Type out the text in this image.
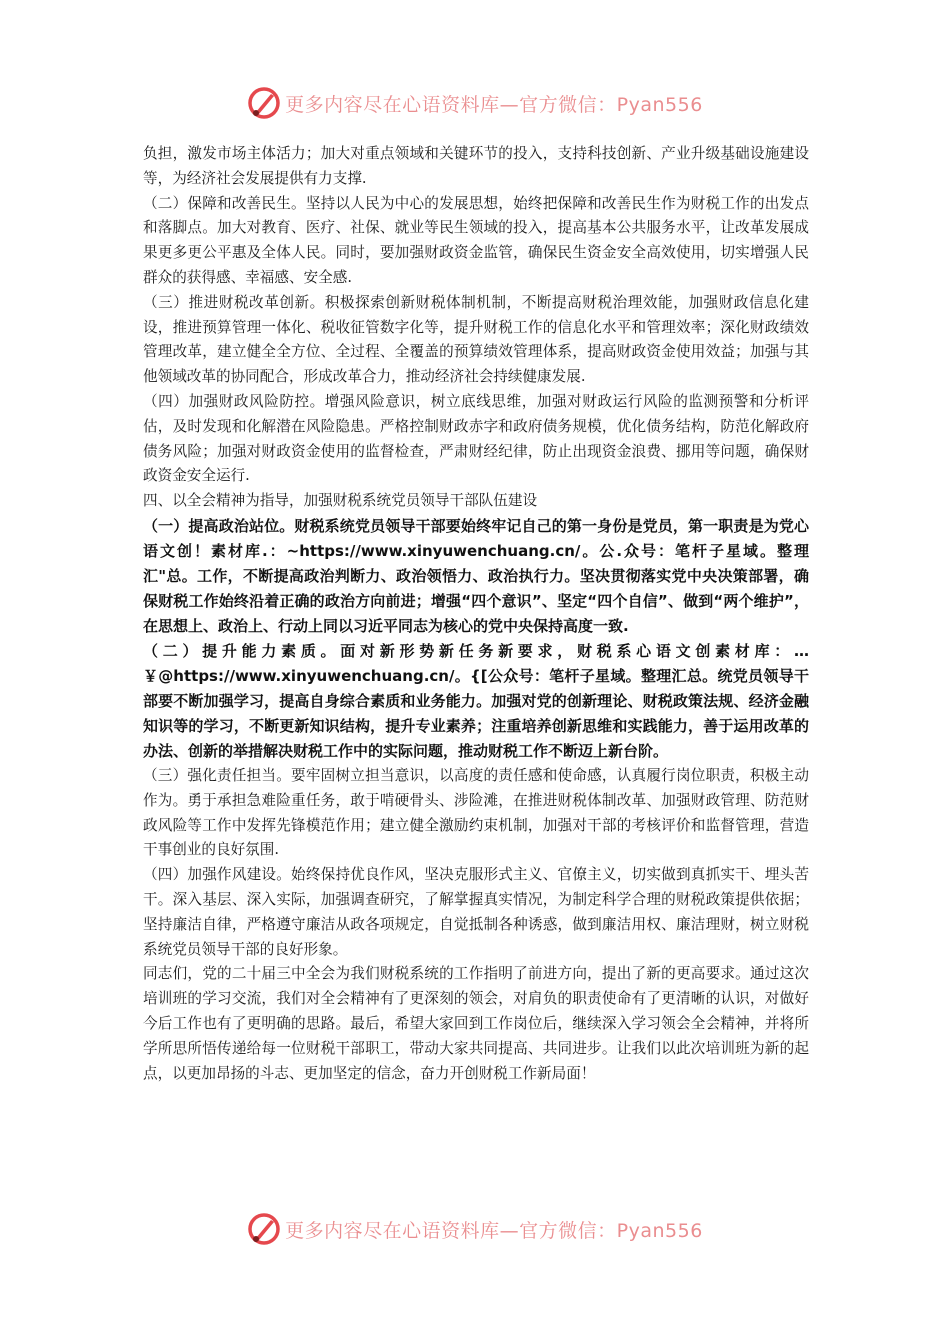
更多内容尽在心语资料库—官方微信：Pyan556

负担，激发市场主体活力；加大对重点领域和关键环节的投入，支持科技创新、产业升级基础设施建设等，为经济社会发展提供有力支撑.

（二）保障和改善民生。坚持以人民为中心的发展思想，始终把保障和改善民生作为财税工作的出发点和落脚点。加大对教育、医疗、社保、就业等民生领域的投入，提高基本公共服务水平，让改革发展成果更多更公平惠及全体人民。同时，要加强财政资金监管，确保民生资金安全高效使用，切实增强人民群众的获得感、幸福感、安全感.

（三）推进财税改革创新。积极探索创新财税体制机制，不断提高财税治理效能，加强财政信息化建设，推进预算管理一体化、税收征管数字化等，提升财税工作的信息化水平和管理效率；深化财政绩效管理改革，建立健全全方位、全过程、全覆盖的预算绩效管理体系，提高财政资金使用效益；加强与其他领域改革的协同配合，形成改革合力，推动经济社会持续健康发展.

（四）加强财政风险防控。增强风险意识，树立底线思维，加强对财政运行风险的监测预警和分析评估，及时发现和化解潜在风险隐患。严格控制财政赤字和政府债务规模，优化债务结构，防范化解政府债务风险；加强对财政资金使用的监督检查，严肃财经纪律，防止出现资金浪费、挪用等问题，确保财政资金安全运行.

四、以全会精神为指导，加强财税系统党员领导干部队伍建设

（一）提高政治站位。财税系统党员领导干部要始终牢记自己的第一身份是党员，第一职责是为党心语文创！素材库.：~https://www.xinyuwenchuang.cn/。公.众号：笔杆子星域。整理汇"总。工作，不断提高政治判断力、政治领悟力、政治执行力。坚决贯彻落实党中央决策部署，确保财税工作始终沿着正确的政治方向前进；增强“四个意识”、坚定“四个自信”、做到“两个维护”，在思想上、政治上、行动上同以习近平同志为核心的党中央保持高度一致.

（二）提升能力素质。面对新形势新任务新要求，财税系心语文创素材库：…￥@https://www.xinyuwenchuang.cn/。{[公众号：笔杆子星域。整理汇总。统党员领导干部要不断加强学习，提高自身综合素质和业务能力。加强对党的创新理论、财税政策法规、经济金融知识等的学习，不断更新知识结构，提升专业素养；注重培养创新思维和实践能力，善于运用改革的办法、创新的举措解决财税工作中的实际问题，推动财税工作不断迈上新台阶。

（三）强化责任担当。要牢固树立担当意识，以高度的责任感和使命感，认真履行岗位职责，积极主动作为。勇于承担急难险重任务，敢于啃硬骨头、涉险滩，在推进财税体制改革、加强财政管理、防范财政风险等工作中发挥先锋模范作用；建立健全激励约束机制，加强对干部的考核评价和监督管理，营造干事创业的良好氛围.

（四）加强作风建设。始终保持优良作风，坚决克服形式主义、官僚主义，切实做到真抓实干、埋头苦干。深入基层、深入实际，加强调查研究，了解掌握真实情况，为制定科学合理的财税政策提供依据；坚持廉洁自律，严格遵守廉洁从政各项规定，自觉抵制各种诱惑，做到廉洁用权、廉洁理财，树立财税系统党员领导干部的良好形象。

同志们，党的二十届三中全会为我们财税系统的工作指明了前进方向，提出了新的更高要求。通过这次培训班的学习交流，我们对全会精神有了更深刻的领会，对肩负的职责使命有了更清晰的认识，对做好今后工作也有了更明确的思路。最后，希望大家回到工作岗位后，继续深入学习领会全会精神，并将所学所思所悟传递给每一位财税干部职工，带动大家共同提高、共同进步。让我们以此次培训班为新的起点，以更加昂扬的斗志、更加坚定的信念，奋力开创财税工作新局面！

更多内容尽在心语资料库—官方微信：Pyan556
